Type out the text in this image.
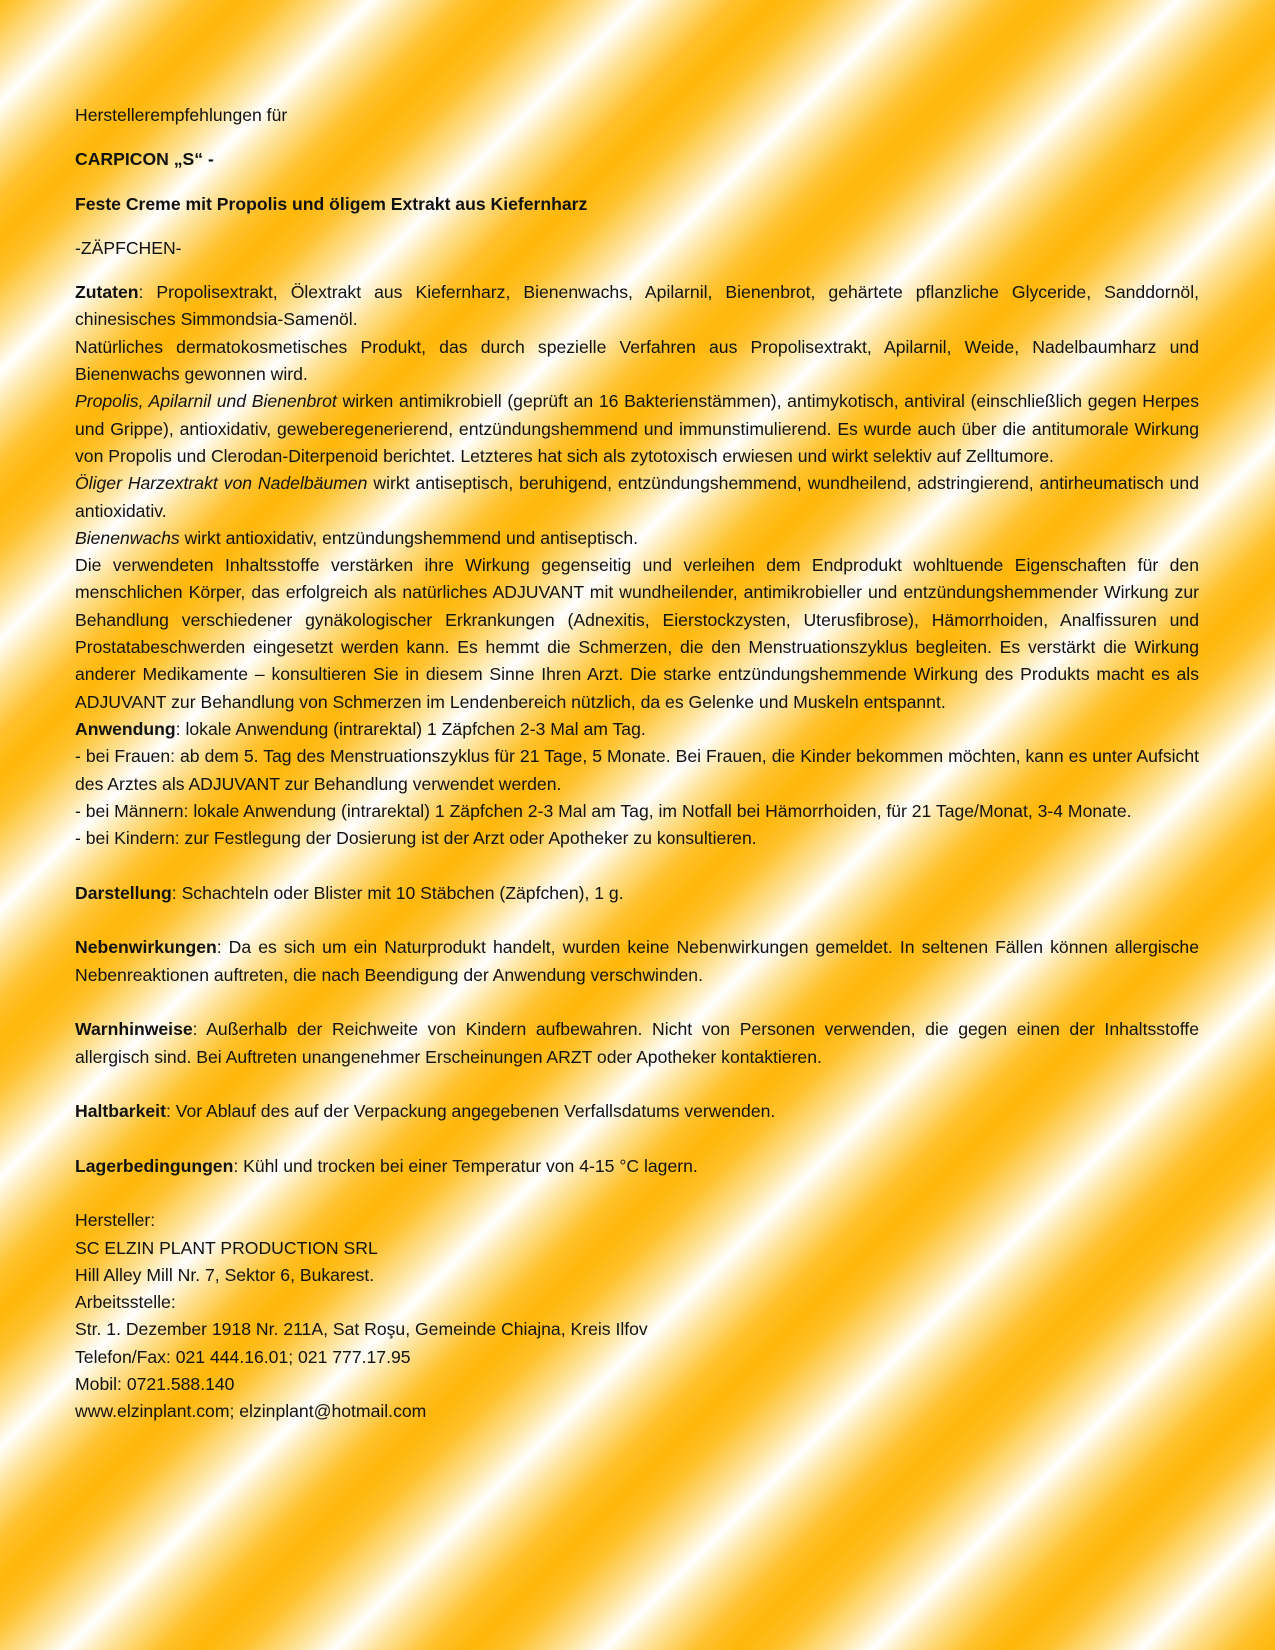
Herstellerempfehlungen für

CARPICON „S“ -

Feste Creme mit Propolis und öligem Extrakt aus Kiefernharz

-ZÄPFCHEN-

Zutaten: Propolisextrakt, Ölextrakt aus Kiefernharz, Bienenwachs, Apilarnil, Bienenbrot, gehärtete pflanzliche Glyceride, Sanddornöl, chinesisches Simmondsia-Samenöl.

Natürliches dermatokosmetisches Produkt, das durch spezielle Verfahren aus Propolisextrakt, Apilarnil, Weide, Nadelbaumharz und Bienenwachs gewonnen wird.

Propolis, Apilarnil und Bienenbrot wirken antimikrobiell (geprüft an 16 Bakterienstämmen), antimykotisch, antiviral (einschließlich gegen Herpes und Grippe), antioxidativ, geweberegenerierend, entzündungshemmend und immunstimulierend. Es wurde auch über die antitumorale Wirkung von Propolis und Clerodan-Diterpenoid berichtet. Letzteres hat sich als zytotoxisch erwiesen und wirkt selektiv auf Zelltumore.

Öliger Harzextrakt von Nadelbäumen wirkt antiseptisch, beruhigend, entzündungshemmend, wundheilend, adstringierend, antirheumatisch und antioxidativ.

Bienenwachs wirkt antioxidativ, entzündungshemmend und antiseptisch.

Die verwendeten Inhaltsstoffe verstärken ihre Wirkung gegenseitig und verleihen dem Endprodukt wohltuende Eigenschaften für den menschlichen Körper, das erfolgreich als natürliches ADJUVANT mit wundheilender, antimikrobieller und entzündungshemmender Wirkung zur Behandlung verschiedener gynäkologischer Erkrankungen (Adnexitis, Eierstockzysten, Uterusfibrose), Hämorrhoiden, Analfissuren und Prostatabeschwerden eingesetzt werden kann. Es hemmt die Schmerzen, die den Menstruationszyklus begleiten. Es verstärkt die Wirkung anderer Medikamente – konsultieren Sie in diesem Sinne Ihren Arzt. Die starke entzündungshemmende Wirkung des Produkts macht es als ADJUVANT zur Behandlung von Schmerzen im Lendenbereich nützlich, da es Gelenke und Muskeln entspannt.

Anwendung: lokale Anwendung (intrarektal) 1 Zäpfchen 2-3 Mal am Tag.

- bei Frauen: ab dem 5. Tag des Menstruationszyklus für 21 Tage, 5 Monate. Bei Frauen, die Kinder bekommen möchten, kann es unter Aufsicht des Arztes als ADJUVANT zur Behandlung verwendet werden.

- bei Männern: lokale Anwendung (intrarektal) 1 Zäpfchen 2-3 Mal am Tag, im Notfall bei Hämorrhoiden, für 21 Tage/Monat, 3-4 Monate.

- bei Kindern: zur Festlegung der Dosierung ist der Arzt oder Apotheker zu konsultieren.

Darstellung: Schachteln oder Blister mit 10 Stäbchen (Zäpfchen), 1 g.

Nebenwirkungen: Da es sich um ein Naturprodukt handelt, wurden keine Nebenwirkungen gemeldet. In seltenen Fällen können allergische Nebenreaktionen auftreten, die nach Beendigung der Anwendung verschwinden.

Warnhinweise: Außerhalb der Reichweite von Kindern aufbewahren. Nicht von Personen verwenden, die gegen einen der Inhaltsstoffe allergisch sind. Bei Auftreten unangenehmer Erscheinungen ARZT oder Apotheker kontaktieren.

Haltbarkeit: Vor Ablauf des auf der Verpackung angegebenen Verfallsdatums verwenden.

Lagerbedingungen: Kühl und trocken bei einer Temperatur von 4-15 °C lagern.

Hersteller:

SC ELZIN PLANT PRODUCTION SRL

Hill Alley Mill Nr. 7, Sektor 6, Bukarest.

Arbeitsstelle:

Str. 1. Dezember 1918 Nr. 211A, Sat Roşu, Gemeinde Chiajna, Kreis Ilfov

Telefon/Fax: 021 444.16.01; 021 777.17.95

Mobil: 0721.588.140

www.elzinplant.com; elzinplant@hotmail.com
